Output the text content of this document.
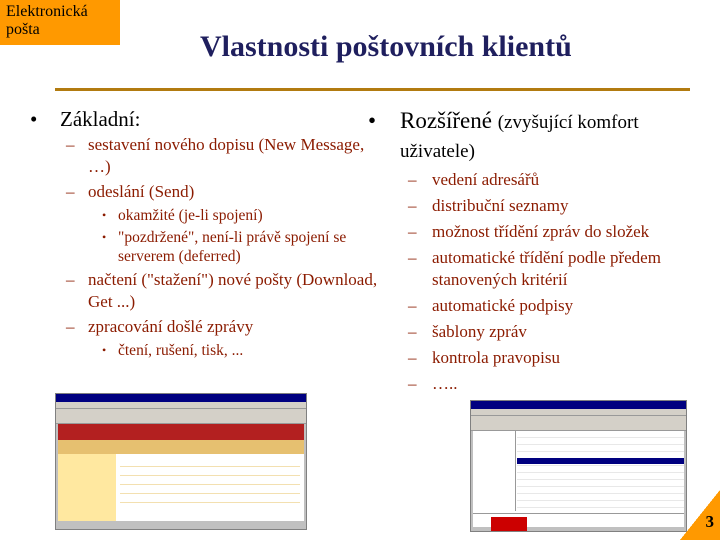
Elektronická pošta
Vlastnosti poštovních klientů
• Základní:
– sestavení nového dopisu (New Message, …)
– odeslání (Send)
• okamžité (je-li spojení)
• "pozdržené", není-li právě spojení se serverem (deferred)
– načtení ("stažení") nové pošty (Download, Get ...)
– zpracování došlé zprávy
• čtení, rušení, tisk, ...
• Rozšířené (zvyšující komfort uživatele)
– vedení adresářů
– distribuční seznamy
– možnost třídění zpráv do složek
– automatické třídění podle předem stanovených kritérií
– automatické podpisy
– šablony zpráv
– kontrola pravopisu
– …..
3
